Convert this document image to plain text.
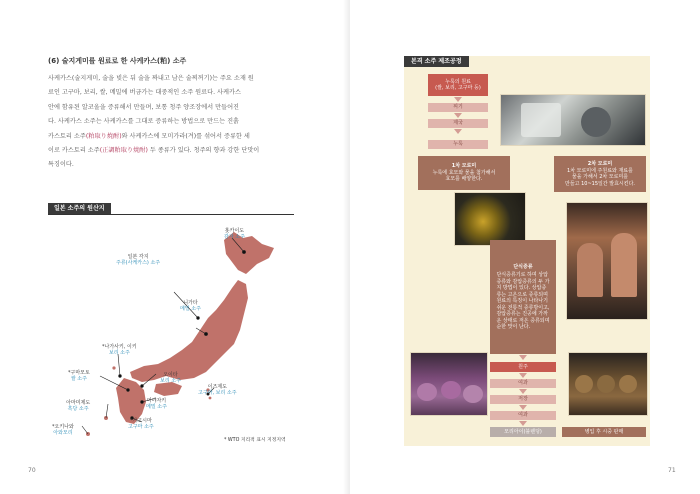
(6) 술지게미를 원료로 한 사케카스(粕) 소주

사케카스(술지게미, 술을 빚은 뒤 술을 짜내고 남은 술찌꺼기)는 주요 소재 원
료인 고구마, 보리, 쌀, 메밀에 버금가는 대중적인 소주 원료다. 사케카스
안에 함유된 알코올을 증류해서 만들며, 보통 청주 양조장에서 만들어진
다. 사케카스 소주는 사케카스를 그대로 증류하는 방법으로 만드는 진흙
카스토리 소주(粕取り焼酎)와 사케카스에 모미가라(겨)를 섞어서 증류한 세
이로 카스토리 소주(正調粕取り焼酎) 두 종류가 있다. 청주의 향과 강한 단맛이
특징이다.

일본 소주의 원산지
홋카이도
감자 소주
일본 각지
주류(사케카스) 소주
니가타
메밀 소주
*나가사키, 이키
보리 소주
*구마모토
쌀 소주
오이타
보리 소주
이즈제도
고구마, 보리 소주
아마미제도
흑당 소주
미야자키
메밀 소주
*가고시마
고구마 소주
*오키나와
아와모리
* WTO 지리적 표시 지정지역
70
본격 소주 제조공정
누룩의 원료
(쌀, 보리, 고구마 등)
찌기
제국
누룩
1차 모로미
누룩에 효모와 물을 첨가해서
효모를 배양한다.
2차 모로미
1차 모로미에 주원료와 재료를
물을 가해서 2차 모로미를
만들고 10~15일간 발효시킨다.
단식증류
단식증류기로 하며 상압
증류와 감압증류의 두 가
지 방법이 있다. 상압증
류는 고온으로 증류되며
원료의 특징이 나타나기
쉬운 전통적 증류방이고,
감압증류는 진공에 가까
운 상태로 저온 증류되며
순한 맛이 난다.
원주
여과
저장
여과
모리아이(블렌딩)	병입 후 시중 판매
71
